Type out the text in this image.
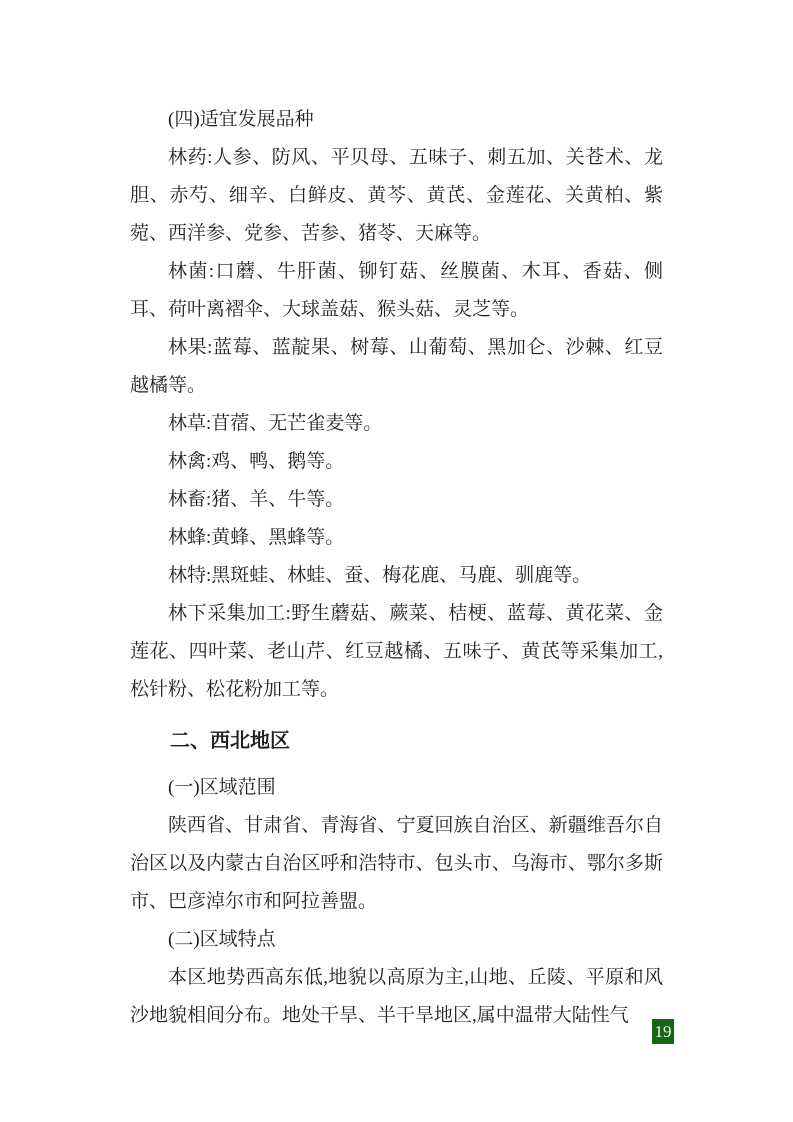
(四)适宜发展品种

林药:人参、防风、平贝母、五味子、刺五加、关苍术、龙胆、赤芍、细辛、白鲜皮、黄芩、黄芪、金莲花、关黄柏、紫菀、西洋参、党参、苦参、猪苓、天麻等。

林菌:口蘑、牛肝菌、铆钉菇、丝膜菌、木耳、香菇、侧耳、荷叶离褶伞、大球盖菇、猴头菇、灵芝等。

林果:蓝莓、蓝靛果、树莓、山葡萄、黑加仑、沙棘、红豆越橘等。

林草:苜蓿、无芒雀麦等。

林禽:鸡、鸭、鹅等。

林畜:猪、羊、牛等。

林蜂:黄蜂、黑蜂等。

林特:黑斑蛙、林蛙、蚕、梅花鹿、马鹿、驯鹿等。

林下采集加工:野生蘑菇、蕨菜、桔梗、蓝莓、黄花菜、金莲花、四叶菜、老山芹、红豆越橘、五味子、黄芪等采集加工,松针粉、松花粉加工等。

二、西北地区
(一)区域范围

陕西省、甘肃省、青海省、宁夏回族自治区、新疆维吾尔自治区以及内蒙古自治区呼和浩特市、包头市、乌海市、鄂尔多斯市、巴彦淖尔市和阿拉善盟。

(二)区域特点

本区地势西高东低,地貌以高原为主,山地、丘陵、平原和风沙地貌相间分布。地处干旱、半干旱地区,属中温带大陆性气

19
